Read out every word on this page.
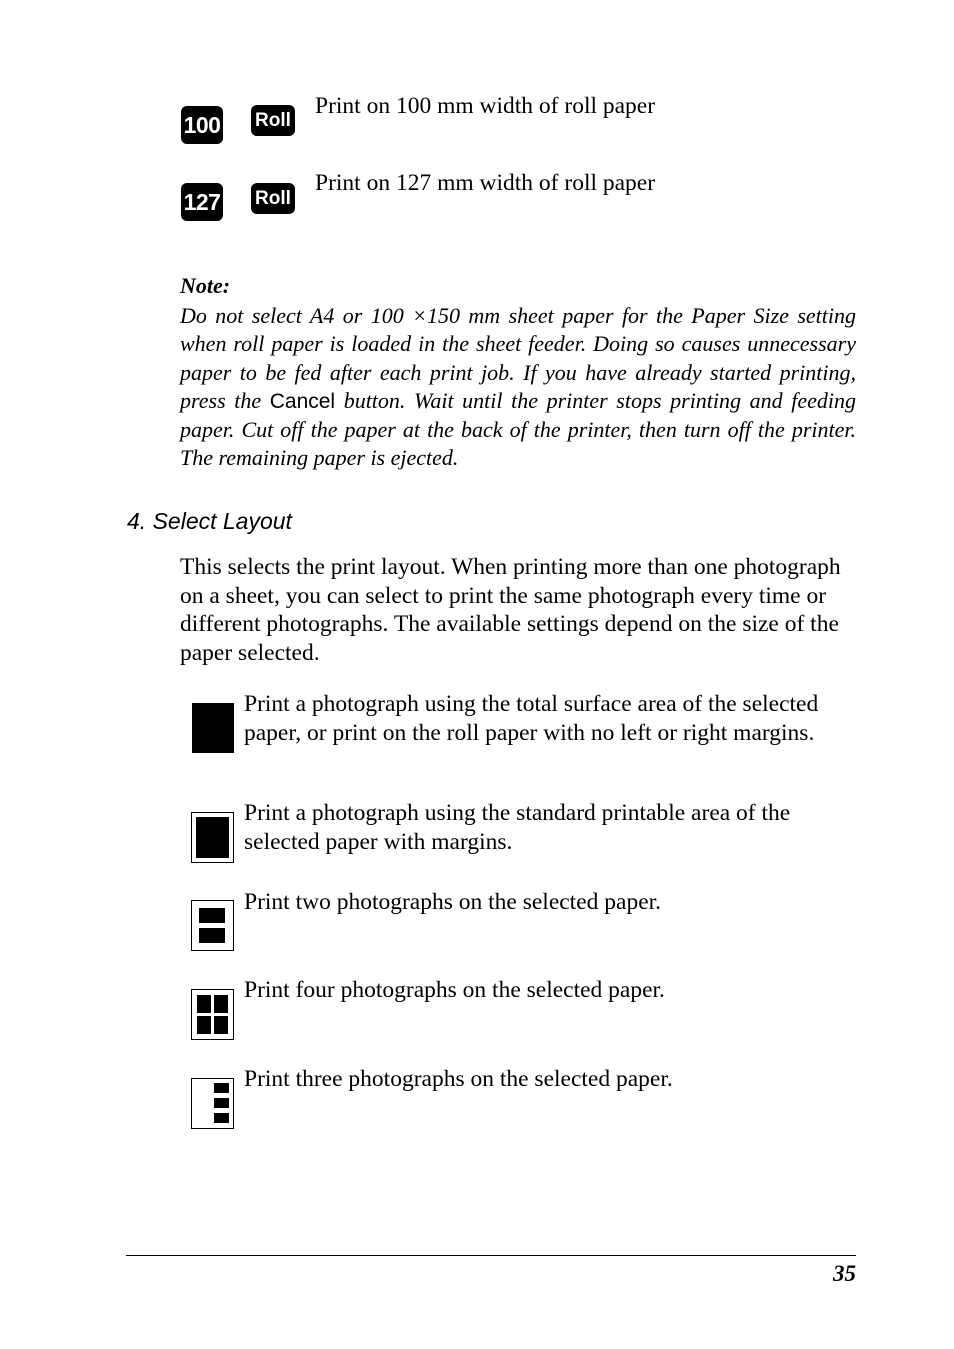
100 Roll
Print on 100 mm width of roll paper
127 Roll
Print on 127 mm width of roll paper
Note:
Do not select A4 or 100 ×150 mm sheet paper for the Paper Size setting when roll paper is loaded in the sheet feeder. Doing so causes unnecessary paper to be fed after each print job. If you have already started printing, press the Cancel button. Wait until the printer stops printing and feeding paper. Cut off the paper at the back of the printer, then turn off the printer. The remaining paper is ejected.
4. Select Layout
This selects the print layout. When printing more than one photograph on a sheet, you can select to print the same photograph every time or different photographs. The available settings depend on the size of the paper selected.
Print a photograph using the total surface area of the selected paper, or print on the roll paper with no left or right margins.
Print a photograph using the standard printable area of the selected paper with margins.
Print two photographs on the selected paper.
Print four photographs on the selected paper.
Print three photographs on the selected paper.
35
